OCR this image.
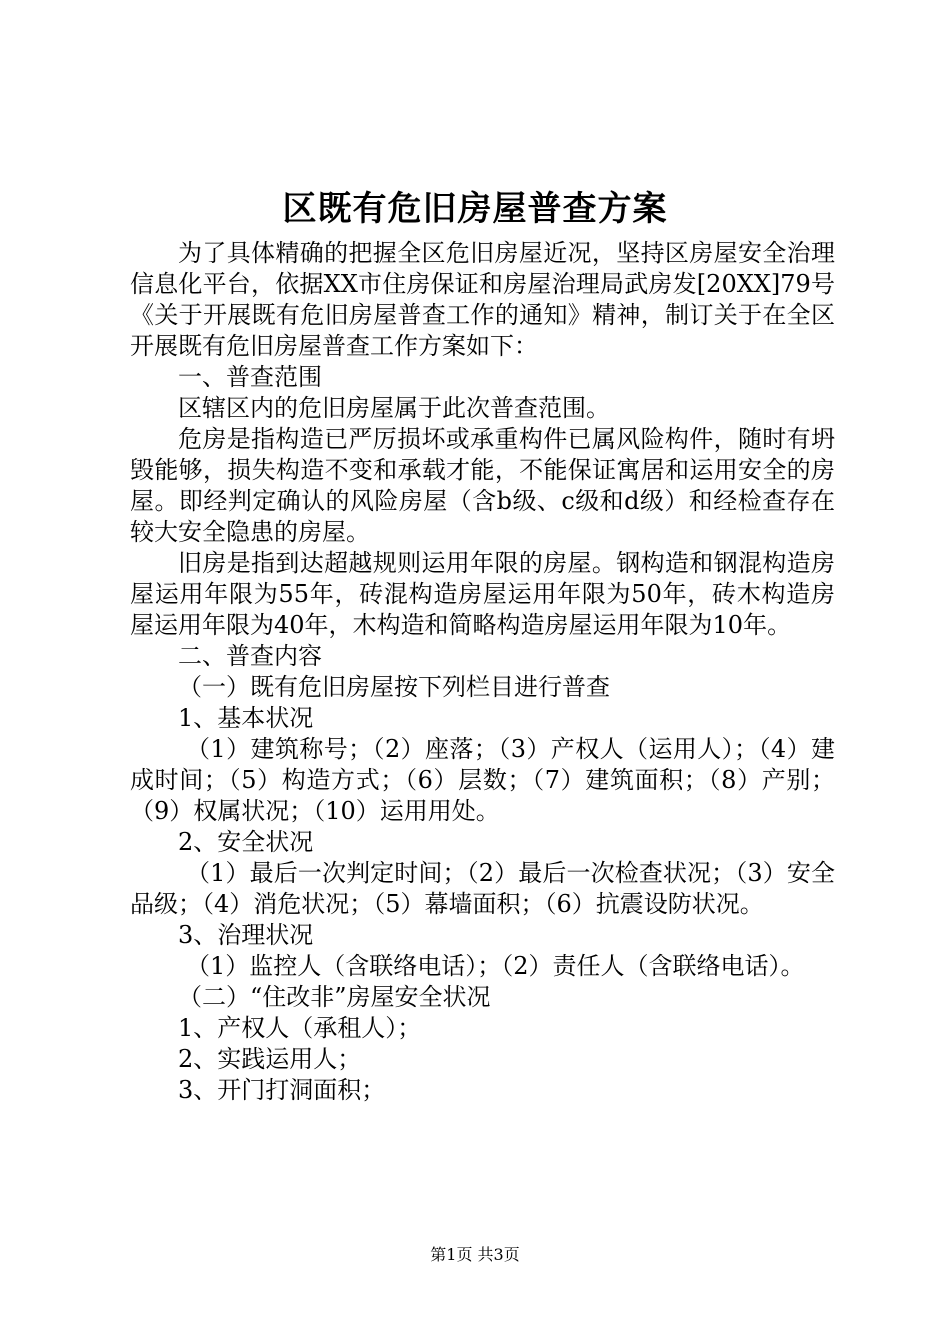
区既有危旧房屋普查方案

为了具体精确的把握全区危旧房屋近况，坚持区房屋安全治理信息化平台，依据XX市住房保证和房屋治理局武房发[20XX]79号《关于开展既有危旧房屋普查工作的通知》精神，制订关于在全区开展既有危旧房屋普查工作方案如下：

一、普查范围

区辖区内的危旧房屋属于此次普查范围。

危房是指构造已严厉损坏或承重构件已属风险构件，随时有坍毁能够，损失构造不变和承载才能，不能保证寓居和运用安全的房屋。即经判定确认的风险房屋（含b级、c级和d级）和经检查存在较大安全隐患的房屋。

旧房是指到达超越规则运用年限的房屋。钢构造和钢混构造房屋运用年限为55年，砖混构造房屋运用年限为50年，砖木构造房屋运用年限为40年，木构造和简略构造房屋运用年限为10年。

二、普查内容

（一）既有危旧房屋按下列栏目进行普查

1、基本状况

（1）建筑称号；（2）座落；（3）产权人（运用人）；（4）建成时间；（5）构造方式；（6）层数；（7）建筑面积；（8）产别；（9）权属状况；（10）运用用处。

2、安全状况

（1）最后一次判定时间；（2）最后一次检查状况；（3）安全品级；（4）消危状况；（5）幕墙面积；（6）抗震设防状况。

3、治理状况

（1）监控人（含联络电话）；（2）责任人（含联络电话）。

（二）“住改非”房屋安全状况

1、产权人（承租人）；

2、实践运用人；

3、开门打洞面积；

第1页 共3页
